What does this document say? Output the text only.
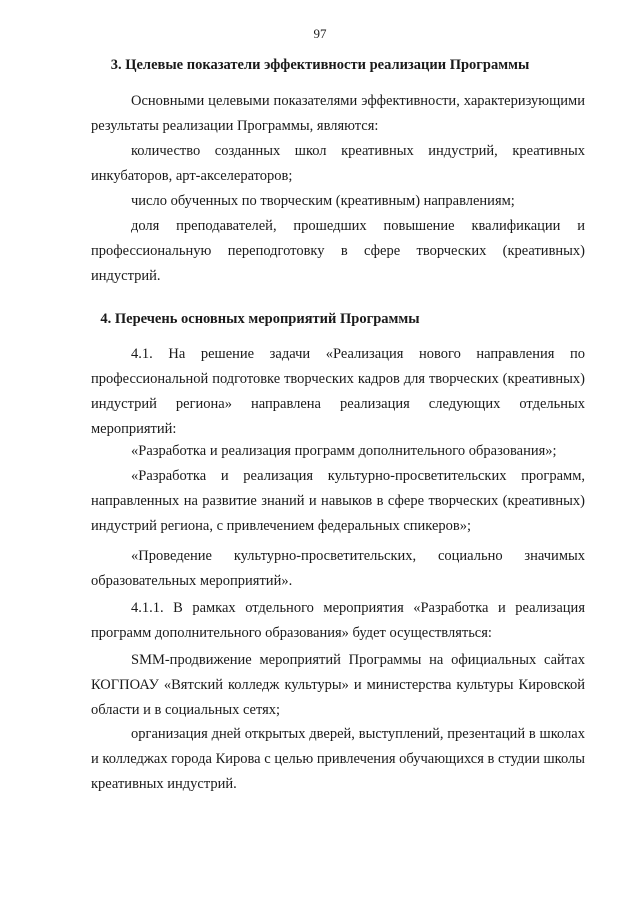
97
3. Целевые показатели эффективности реализации Программы
Основными целевыми показателями эффективности, характеризующими результаты реализации Программы, являются:
количество созданных школ креативных индустрий, креативных инкубаторов, арт-акселераторов;
число обученных по творческим (креативным) направлениям;
доля преподавателей, прошедших повышение квалификации и профессиональную переподготовку в сфере творческих (креативных) индустрий.
4. Перечень основных мероприятий Программы
4.1. На решение задачи «Реализация нового направления по профессиональной подготовке творческих кадров для творческих (креативных) индустрий региона» направлена реализация следующих отдельных мероприятий:
«Разработка и реализация программ дополнительного образования»;
«Разработка и реализация культурно-просветительских программ, направленных на развитие знаний и навыков в сфере творческих (креативных) индустрий региона, с привлечением федеральных спикеров»;
«Проведение культурно-просветительских, социально значимых образовательных мероприятий».
4.1.1. В рамках отдельного мероприятия «Разработка и реализация программ дополнительного образования» будет осуществляться:
SMM-продвижение мероприятий Программы на официальных сайтах КОГПОАУ «Вятский колледж культуры» и министерства культуры Кировской области и в социальных сетях;
организация дней открытых дверей, выступлений, презентаций в школах и колледжах города Кирова с целью привлечения обучающихся в студии школы креативных индустрий.
